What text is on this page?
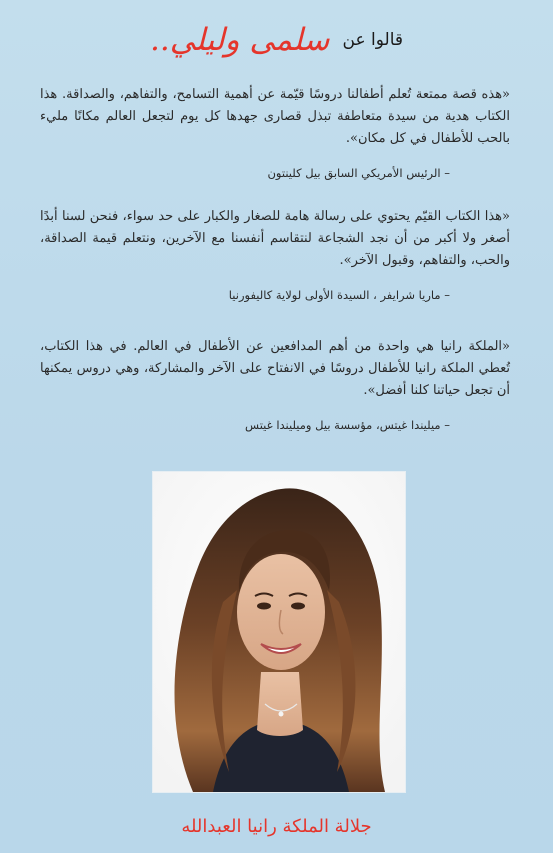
قالوا عن سلمى وليلي..

«هذه قصة ممتعة تُعلم أطفالنا دروسًا قيّمة عن أهمية التسامح، والتفاهم، والصداقة. هذا الكتاب هدية من سيدة متعاطفة تبذل قصارى جهدها كل يوم لتجعل العالم مكانًا مليء بالحب للأطفال في كل مكان».

– الرئيس الأمريكي السابق بيل كلينتون

«هذا الكتاب القيّم يحتوي على رسالة هامة للصغار والكبار على حد سواء، فنحن لسنا أبدًا أصغر ولا أكبر من أن نجد الشجاعة لنتقاسم أنفسنا مع الآخرين، ونتعلم قيمة الصداقة، والحب، والتفاهم، وقبول الآخر».

– ماريا شرايفر ، السيدة الأولى لولاية كاليفورنيا

«الملكة رانيا هي واحدة من أهم المدافعين عن الأطفال في العالم. في هذا الكتاب، تُعطي الملكة رانيا للأطفال دروسًا في الانفتاح على الآخر والمشاركة، وهي دروس يمكنها أن تجعل حياتنا كلنا أفضل».

– ميليندا غيتس، مؤسسة بيل وميليندا غيتس
جلالة الملكة رانيا العبدالله
